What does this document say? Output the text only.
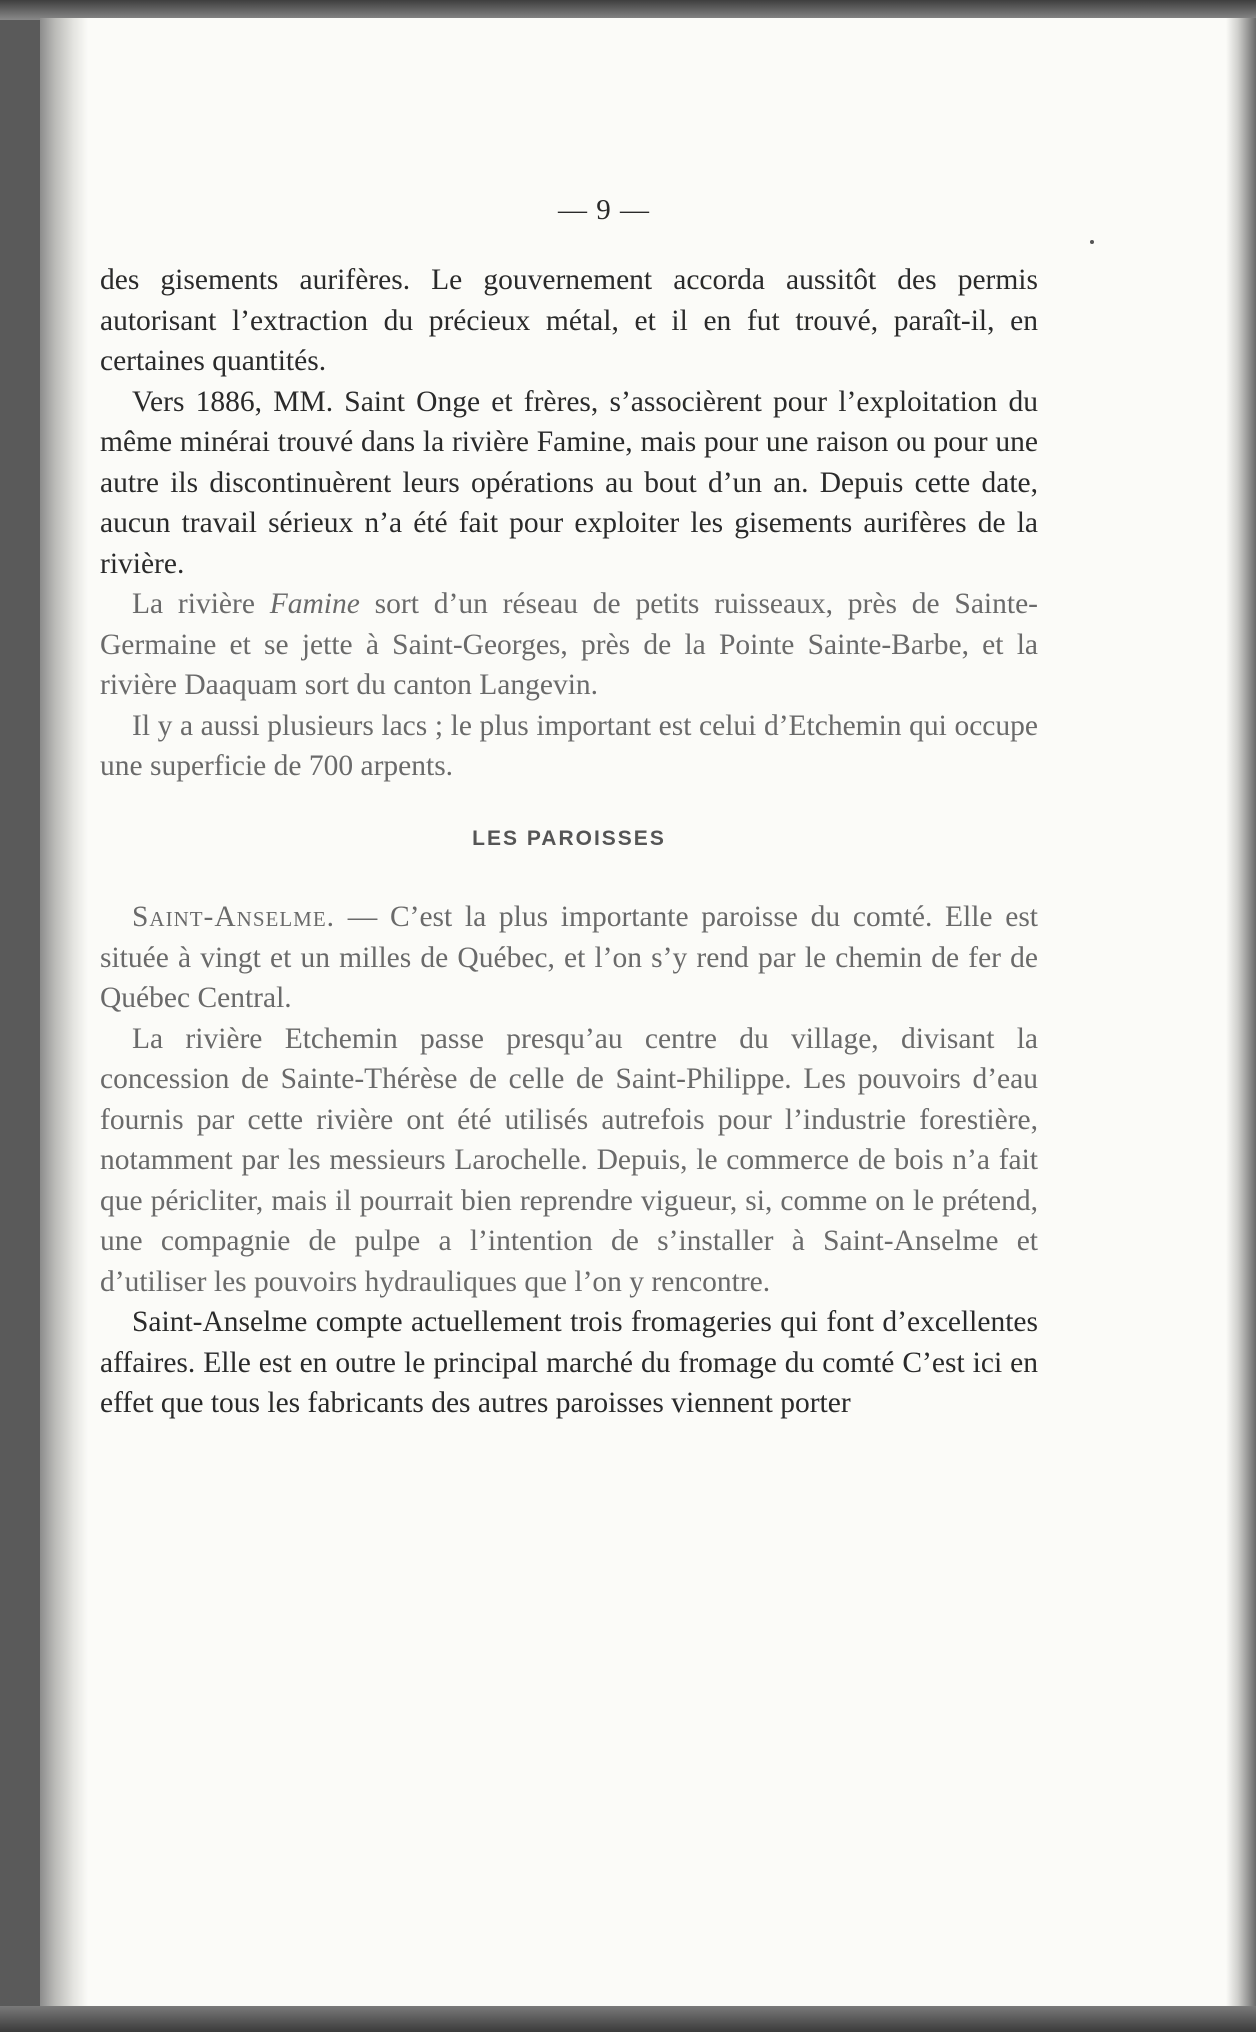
— 9 —

des gisements aurifères. Le gouvernement accorda aussitôt des permis autorisant l’extraction du précieux métal, et il en fut trouvé, paraît-il, en certaines quantités.

Vers 1886, MM. Saint Onge et frères, s’associèrent pour l’exploitation du même minérai trouvé dans la rivière Famine, mais pour une raison ou pour une autre ils discontinuèrent leurs opérations au bout d’un an. Depuis cette date, aucun travail sérieux n’a été fait pour exploiter les gisements aurifères de la rivière.

La rivière Famine sort d’un réseau de petits ruisseaux, près de Sainte-Germaine et se jette à Saint-Georges, près de la Pointe Sainte-Barbe, et la rivière Daaquam sort du canton Langevin.

Il y a aussi plusieurs lacs ; le plus important est celui d’Etchemin qui occupe une superficie de 700 arpents.

LES PAROISSES

Saint-Anselme. — C’est la plus importante paroisse du comté. Elle est située à vingt et un milles de Québec, et l’on s’y rend par le chemin de fer de Québec Central.

La rivière Etchemin passe presqu’au centre du village, divisant la concession de Sainte-Thérèse de celle de Saint-Philippe. Les pouvoirs d’eau fournis par cette rivière ont été utilisés autrefois pour l’industrie forestière, notamment par les messieurs Larochelle. Depuis, le commerce de bois n’a fait que péricliter, mais il pourrait bien reprendre vigueur, si, comme on le prétend, une compagnie de pulpe a l’intention de s’installer à Saint-Anselme et d’utiliser les pouvoirs hydrauliques que l’on y rencontre.

Saint-Anselme compte actuellement trois fromageries qui font d’excellentes affaires. Elle est en outre le principal marché du fromage du comté C’est ici en effet que tous les fabricants des autres paroisses viennent porter
